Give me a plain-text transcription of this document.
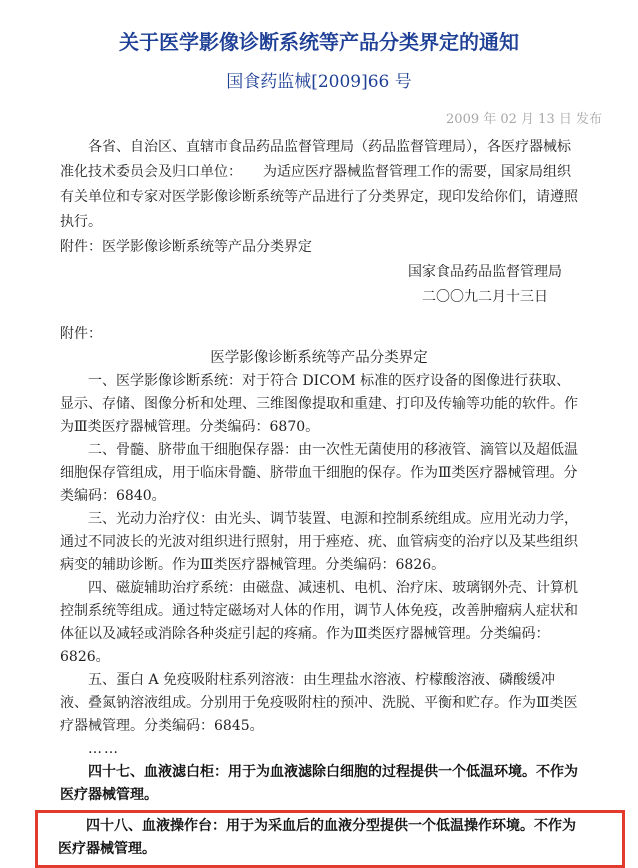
关于医学影像诊断系统等产品分类界定的通知
国食药监械[2009]66 号
2009 年 02 月 13 日 发布

各省、自治区、直辖市食品药品监督管理局（药品监督管理局），各医疗器械标准化技术委员会及归口单位：　　为适应医疗器械监督管理工作的需要，国家局组织有关单位和专家对医学影像诊断系统等产品进行了分类界定，现印发给你们，请遵照执行。

附件：医学影像诊断系统等产品分类界定

国家食品药品监督管理局
二〇〇九二月十三日

附件：

医学影像诊断系统等产品分类界定

一、医学影像诊断系统：对于符合 DICOM 标准的医疗设备的图像进行获取、显示、存储、图像分析和处理、三维图像提取和重建、打印及传输等功能的软件。作为Ⅲ类医疗器械管理。分类编码：6870。

二、骨髓、脐带血干细胞保存器：由一次性无菌使用的移液管、滴管以及超低温细胞保存管组成，用于临床骨髓、脐带血干细胞的保存。作为Ⅲ类医疗器械管理。分类编码：6840。

三、光动力治疗仪：由光头、调节装置、电源和控制系统组成。应用光动力学，通过不同波长的光波对组织进行照射，用于痤疮、疣、血管病变的治疗以及某些组织病变的辅助诊断。作为Ⅲ类医疗器械管理。分类编码：6826。

四、磁旋辅助治疗系统：由磁盘、减速机、电机、治疗床、玻璃钢外壳、计算机控制系统等组成。通过特定磁场对人体的作用，调节人体免疫，改善肿瘤病人症状和体征以及减轻或消除各种炎症引起的疼痛。作为Ⅲ类医疗器械管理。分类编码：6826。

五、蛋白 A 免疫吸附柱系列溶液：由生理盐水溶液、柠檬酸溶液、磷酸缓冲液、叠氮钠溶液组成。分别用于免疫吸附柱的预冲、洗脱、平衡和贮存。作为Ⅲ类医疗器械管理。分类编码：6845。

……

四十七、血液滤白柜：用于为血液滤除白细胞的过程提供一个低温环境。不作为医疗器械管理。

四十八、血液操作台：用于为采血后的血液分型提供一个低温操作环境。不作为医疗器械管理。
